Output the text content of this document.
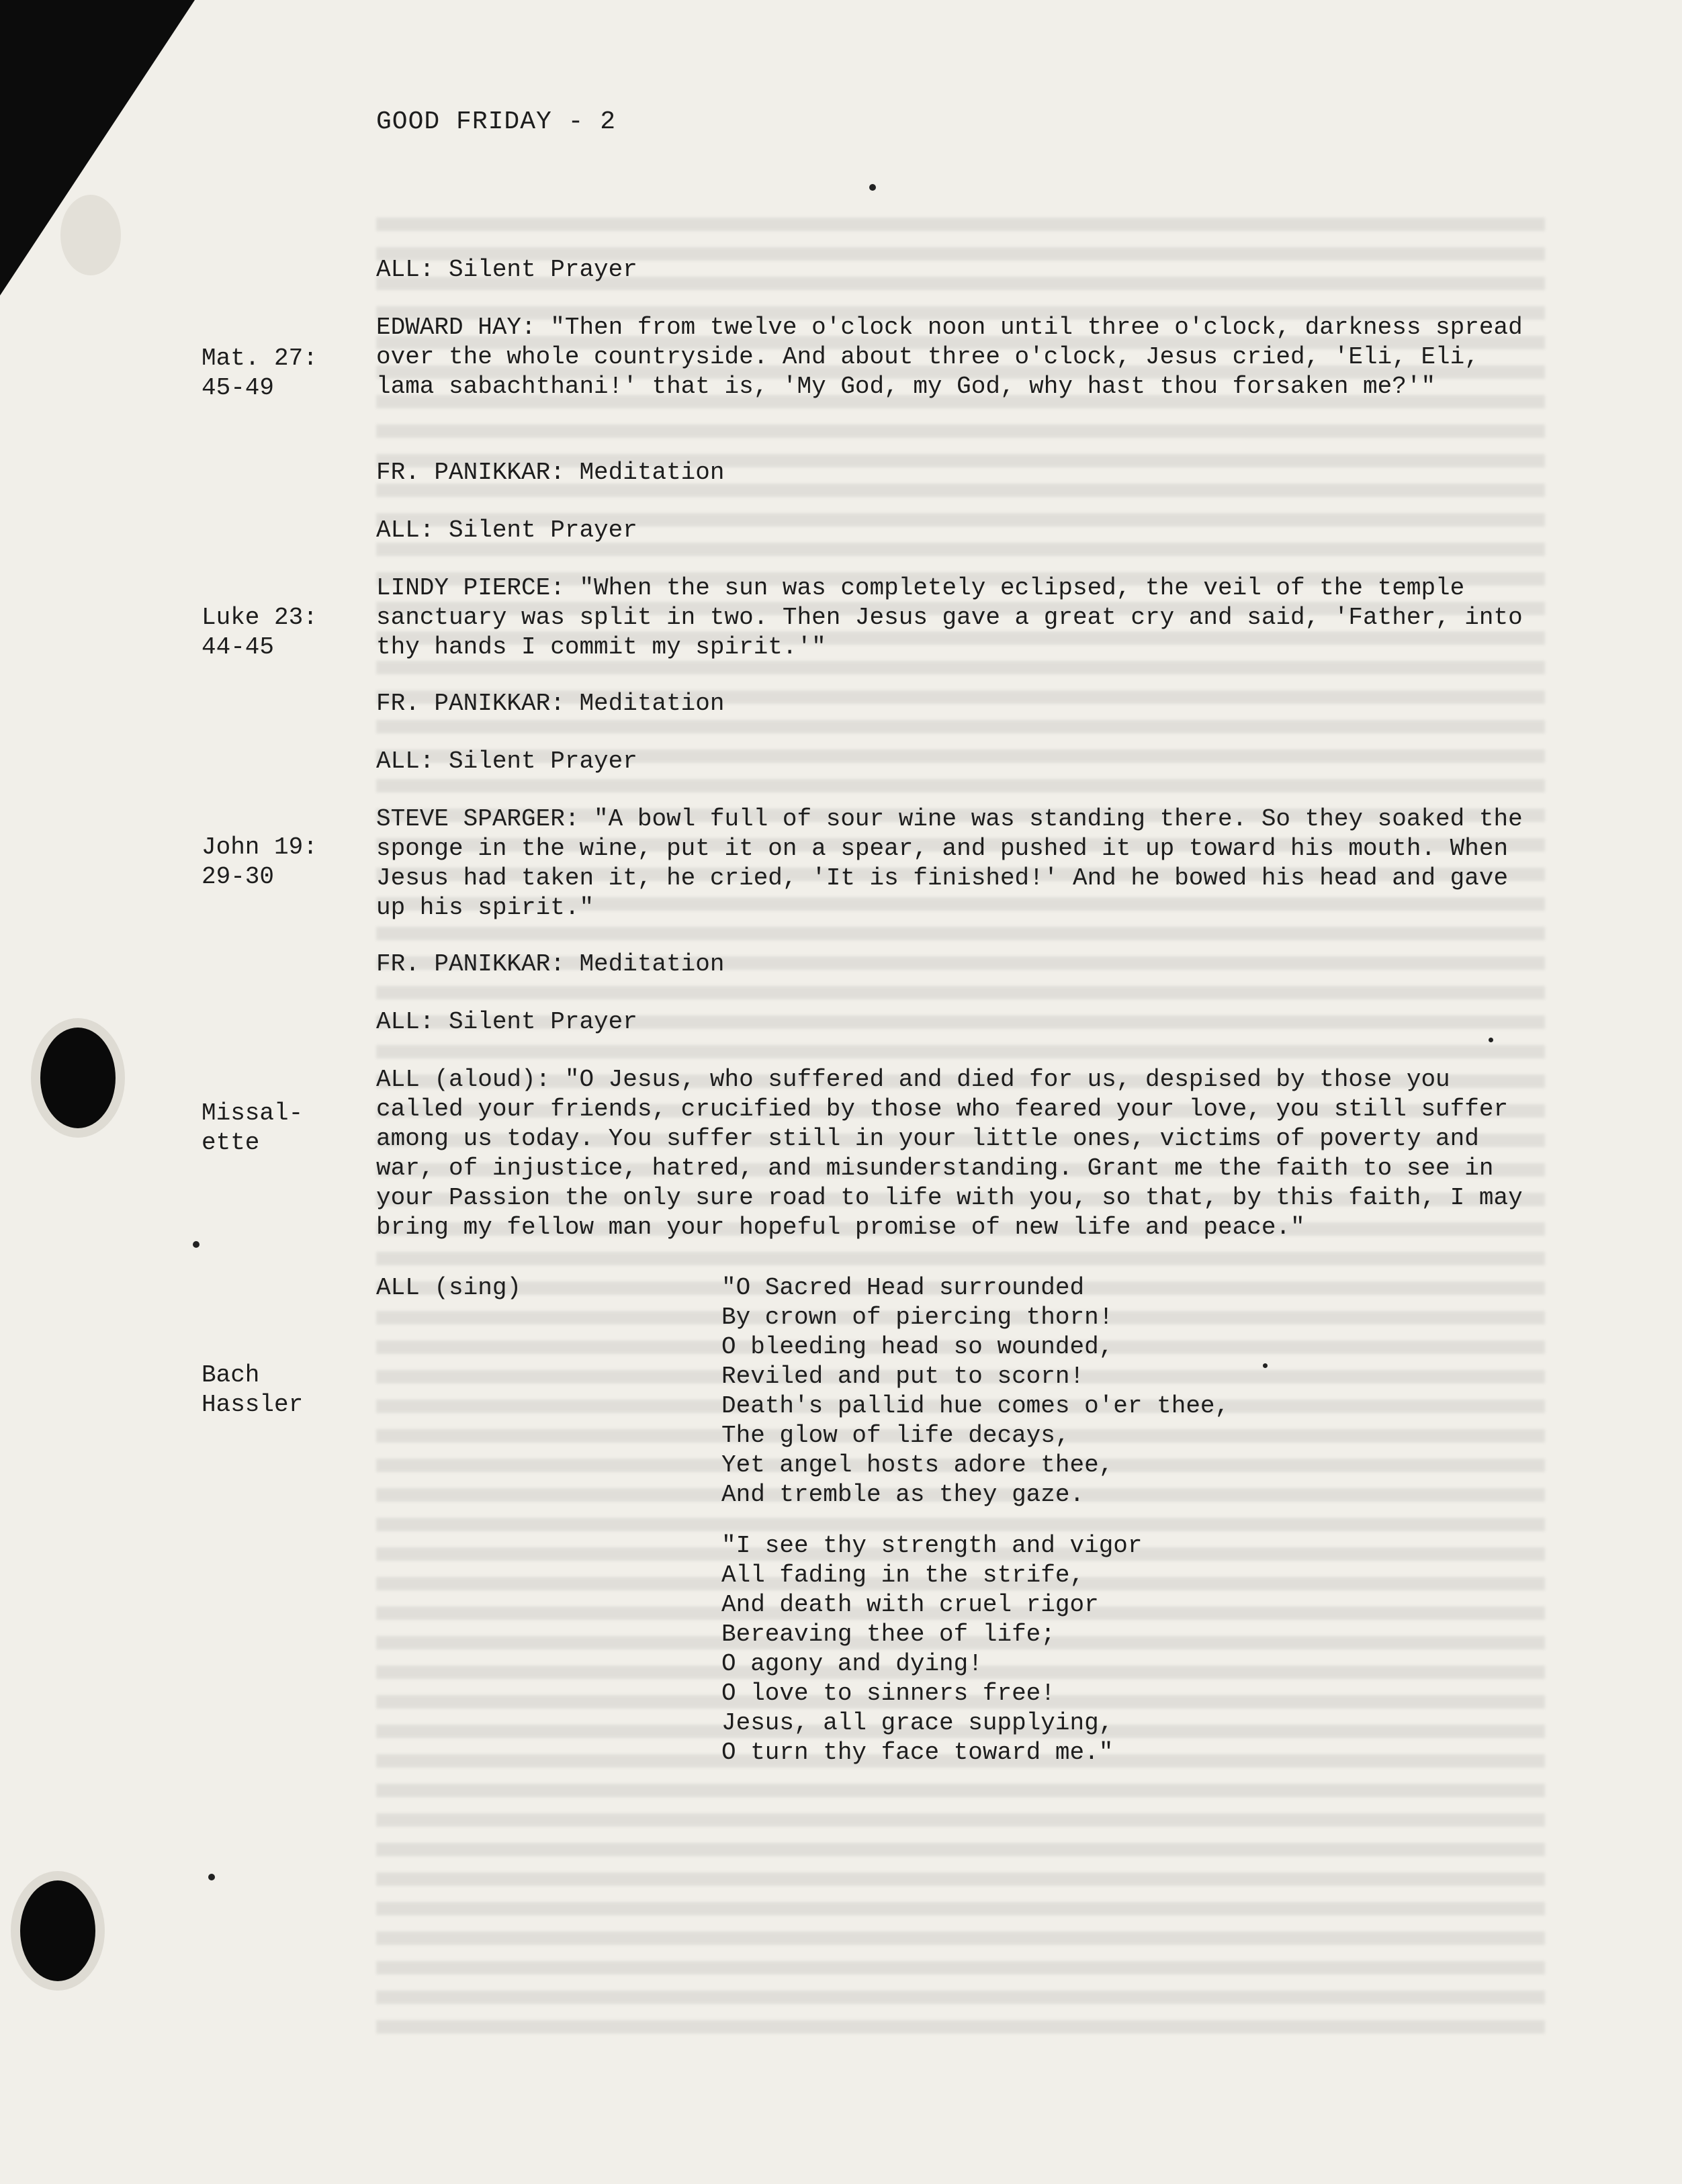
GOOD FRIDAY - 2
Mat. 27:
45-49
Luke 23:
44-45
John 19:
29-30
Missal-
ette
Bach
Hassler
ALL: Silent Prayer
EDWARD HAY: "Then from twelve o'clock noon until three o'clock, darkness spread over the whole countryside. And about three o'clock, Jesus cried, 'Eli, Eli, lama sabachthani!' that is, 'My God, my God, why hast thou forsaken me?'"
FR. PANIKKAR: Meditation
ALL: Silent Prayer
LINDY PIERCE: "When the sun was completely eclipsed, the veil of the temple sanctuary was split in two. Then Jesus gave a great cry and said, 'Father, into thy hands I commit my spirit.'"
FR. PANIKKAR: Meditation
ALL: Silent Prayer
STEVE SPARGER: "A bowl full of sour wine was standing there. So they soaked the sponge in the wine, put it on a spear, and pushed it up toward his mouth. When Jesus had taken it, he cried, 'It is finished!' And he bowed his head and gave up his spirit."
FR. PANIKKAR: Meditation
ALL: Silent Prayer
ALL (aloud): "O Jesus, who suffered and died for us, despised by those you called your friends, crucified by those who feared your love, you still suffer among us today. You suffer still in your little ones, victims of poverty and war, of injustice, hatred, and misunderstanding. Grant me the faith to see in your Passion the only sure road to life with you, so that, by this faith, I may bring my fellow man your hopeful promise of new life and peace."
ALL (sing)	"O Sacred Head surrounded
By crown of piercing thorn!
O bleeding head so wounded,
Reviled and put to scorn!
Death's pallid hue comes o'er thee,
The glow of life decays,
Yet angel hosts adore thee,
And tremble as they gaze.
"I see thy strength and vigor
All fading in the strife,
And death with cruel rigor
Bereaving thee of life;
O agony and dying!
O love to sinners free!
Jesus, all grace supplying,
O turn thy face toward me."
